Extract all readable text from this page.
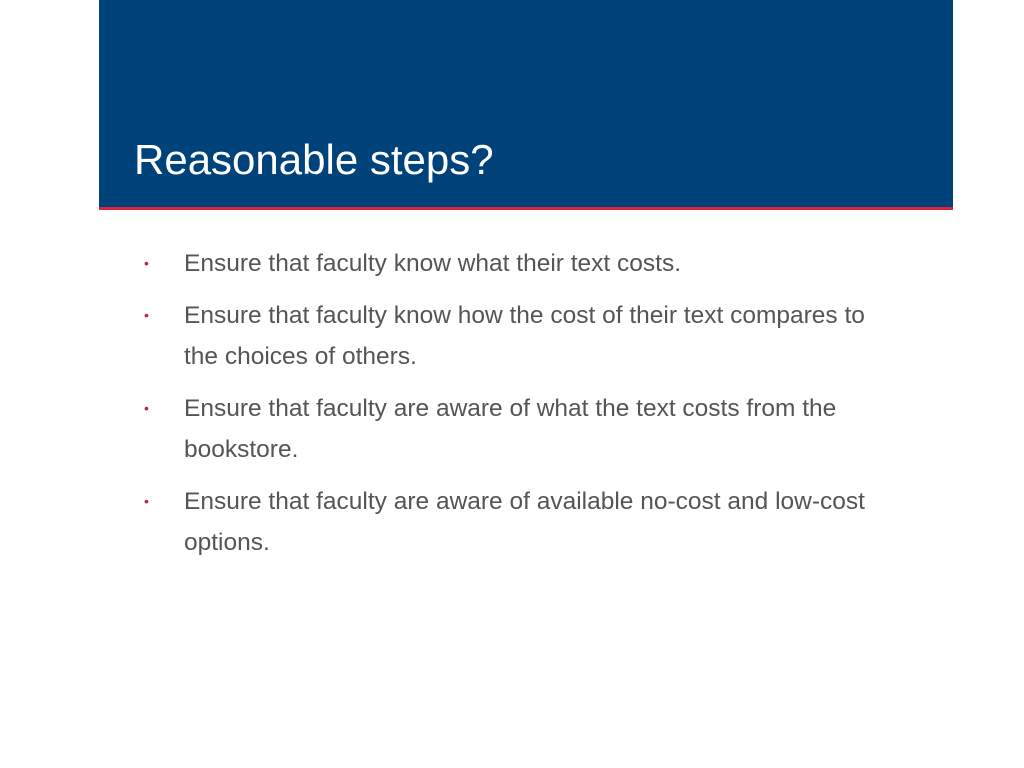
Reasonable steps?
• Ensure that faculty know what their text costs.
• Ensure that faculty know how the cost of their text compares to the choices of others.
• Ensure that faculty are aware of what the text costs from the bookstore.
• Ensure that faculty are aware of available no-cost and low-cost options.
